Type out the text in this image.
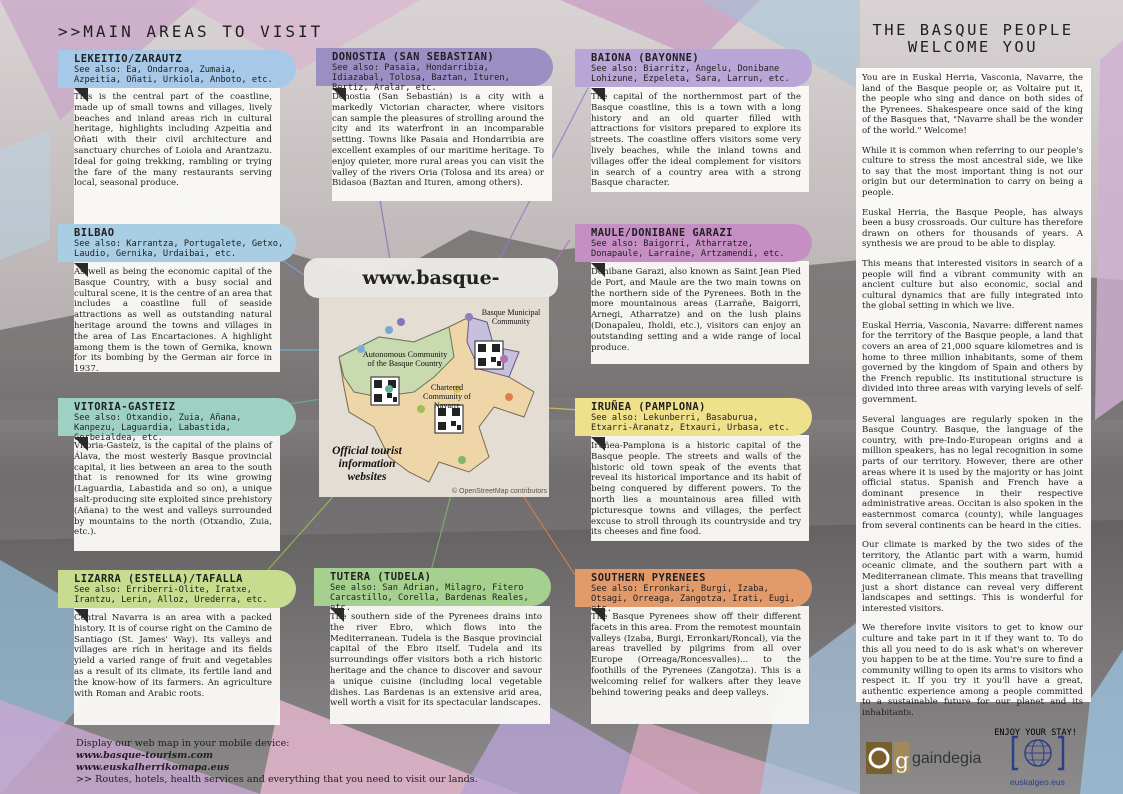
>>MAIN AREAS TO VISIT

This is the central part of the coastline, made up of small towns and villages, lively beaches and inland areas rich in cultural heritage, highlights including Azpeitia and Oñati with their civil architecture and sanctuary churches of Loiola and Arantzazu. Ideal for going trekking, rambling or trying the fare of the many restaurants serving local, seasonal produce.

LEKEITIO/ZARAUTZ
See also: Ea, Ondarroa, Zumaia, Azpeitia, Oñati, Urkiola, Anboto, etc.

Donostia (San Sebastián) is a city with a markedly Victorian character, where visitors can sample the pleasures of strolling around the city and its waterfront in an incomparable setting. Towns like Pasaia and Hondarribia are excellent examples of our maritime heritage. To enjoy quieter, more rural areas you can visit the valley of the rivers Oria (Tolosa and its area) or Bidasoa (Baztan and Ituren, among others).

DONOSTIA (SAN SEBASTIAN)
See also: Pasaia, Hondarribia, Idiazabal, Tolosa, Baztan, Ituren, Bertiz, Aralar, etc.

The capital of the northernmost part of the Basque coastline, this is a town with a long history and an old quarter filled with attractions for visitors prepared to explore its streets. The coastline offers visitors some very lively beaches, while the inland towns and villages offer the ideal complement for visitors in search of a country area with a strong Basque character.

BAIONA (BAYONNE)
See also: Biarritz, Angelu, Donibane Lohizune, Ezpeleta, Sara, Larrun, etc.

As well as being the economic capital of the Basque Country, with a busy social and cultural scene, it is the centre of an area that includes a coastline full of seaside attractions as well as outstanding natural heritage around the towns and villages in the area of Las Encartaciones. A highlight among them is the town of Gernika, known for its bombing by the German air force in 1937.

BILBAO
See also: Karrantza, Portugalete, Getxo, Laudio, Gernika, Urdaibai, etc.

Donibane Garazi, also known as Saint Jean Pied de Port, and Maule are the two main towns on the northern side of the Pyrenees. Both in the more mountainous areas (Larrañe, Baigorri, Arnegi, Atharratze) and on the lush plains (Donapaleu, Iholdi, etc.), visitors can enjoy an outstanding setting and a wide range of local produce.

MAULE/DONIBANE GARAZI
See also: Baigorri, Atharratze, Donapaule, Larraine, Artzamendi, etc.

Vitoria-Gasteiz, is the capital of the plains of Álava, the most westerly Basque provincial capital, it lies between an area to the south that is renowned for its wine growing (Laguardia, Labastida and so on), a unique salt-producing site exploited since prehistory (Añana) to the west and valleys surrounded by mountains to the north (Otxandio, Zuia, etc.).

VITORIA-GASTEIZ
See also: Otxandio, Zuia, Añana, Kanpezu, Laguardia, Labastida, Gorbeialdea, etc.

Iruñea-Pamplona is a historic capital of the Basque people. The streets and walls of the historic old town speak of the events that reveal its historical importance and its habit of being conquered by different powers. To the north lies a mountainous area filled with picturesque towns and villages, the perfect excuse to stroll through its countryside and try its cheeses and fine food.

IRUÑEA (PAMPLONA)
See also: Lekunberri, Basaburua, Etxarri-Aranatz, Etxauri, Urbasa, etc.

Central Navarra is an area with a packed history. It is of course right on the Camino de Santiago (St. James' Way). Its valleys and villages are rich in heritage and its fields yield a varied range of fruit and vegetables as a result of its climate, its fertile land and the know-how of its farmers. An agriculture with Roman and Arabic roots.

LIZARRA (ESTELLA)/TAFALLA
See also: Erriberri-Olite, Iratxe, Irantzu, Lerin, Alloz, Urederra, etc.

The southern side of the Pyrenees drains into the river Ebro, which flows into the Mediterranean. Tudela is the Basque provincial capital of the Ebro itself. Tudela and its surroundings offer visitors both a rich historic heritage and the chance to discover and savour a unique cuisine (including local vegetable dishes. Las Bardenas is an extensive arid area, well worth a visit for its spectacular landscapes.

TUTERA (TUDELA)
See also: San Adrian, Milagro, Fitero Carcastillo, Corella, Bardenas Reales, etc.

The Basque Pyrenees show off their different facets in this area. From the remotest mountain valleys (Izaba, Burgi, Erronkari/Roncal), via the areas travelled by pilgrims from all over Europe (Orreaga/Roncesvalles)... to the foothills of the Pyrenees (Zangotza). This is a welcoming relief for walkers after they leave behind towering peaks and deep valleys.

SOUTHERN PYRENEES
See also: Erronkari, Burgi, Izaba, Otsagi, Orreaga, Zangotza, Irati, Eugi, etc.
www.basque-
Autonomous Community of the Basque Country
Basque Municipal Community
Chartered Community of Navarre
Official tourist
information
websites
© OpenStreetMap contributors
THE BASQUE PEOPLE
WELCOME YOU

You are in Euskal Herria, Vasconia, Navarre, the land of the Basque people or, as Voltaire put it, the people who sing and dance on both sides of the Pyrenees. Shakespeare once said of the king of the Basques that, "Navarre shall be the wonder of the world." Welcome!

While it is common when referring to our people's culture to stress the most ancestral side, we like to say that the most important thing is not our origin but our determination to carry on being a people.

Euskal Herria, the Basque People, has always been a busy crossroads. Our culture has therefore drawn on others for thousands of years. A synthesis we are proud to be able to display.

This means that interested visitors in search of a people will find a vibrant community with an ancient culture but also economic, social and cultural dynamics that are fully integrated into the global setting in which we live.

Euskal Herria, Vasconia, Navarre: different names for the territory of the Basque people, a land that covers an area of 21,000 square kilometres and is home to three million inhabitants, some of them governed by the kingdom of Spain and others by the French republic. Its institutional structure is divided into three areas with varying levels of self-government.

Several languages are regularly spoken in the Basque Country. Basque, the language of the country, with pre-Indo-European origins and a million speakers, has no legal recognition in some parts of our territory. However, there are other areas where it is used by the majority or has joint official status. Spanish and French have a dominant presence in their respective administrative areas. Occitan is also spoken in the easternmost comarca (county), while languages from several continents can be heard in the cities.

Our climate is marked by the two sides of the territory, the Atlantic part with a warm, humid oceanic climate, and the southern part with a Mediterranean climate. This means that travelling just a short distance can reveal very different landscapes and settings. This is wonderful for interested visitors.

We therefore invite visitors to get to know our culture and take part in it if they want to. To do this all you need to do is ask what's on wherever you happen to be at the time. You're sure to find a community willing to open its arms to visitors who respect it. If you try it you'll have a great, authentic experience among a people committed to a sustainable future for our planet and its inhabitants.

ENJOY YOUR STAY!
Display our web map in your mobile device:
www.basque-tourism.com
www.euskalherrikomapa.eus
>> Routes, hotels, health services and everything that you need to visit our lands.
g gaindegia
euskalgeo.eus
